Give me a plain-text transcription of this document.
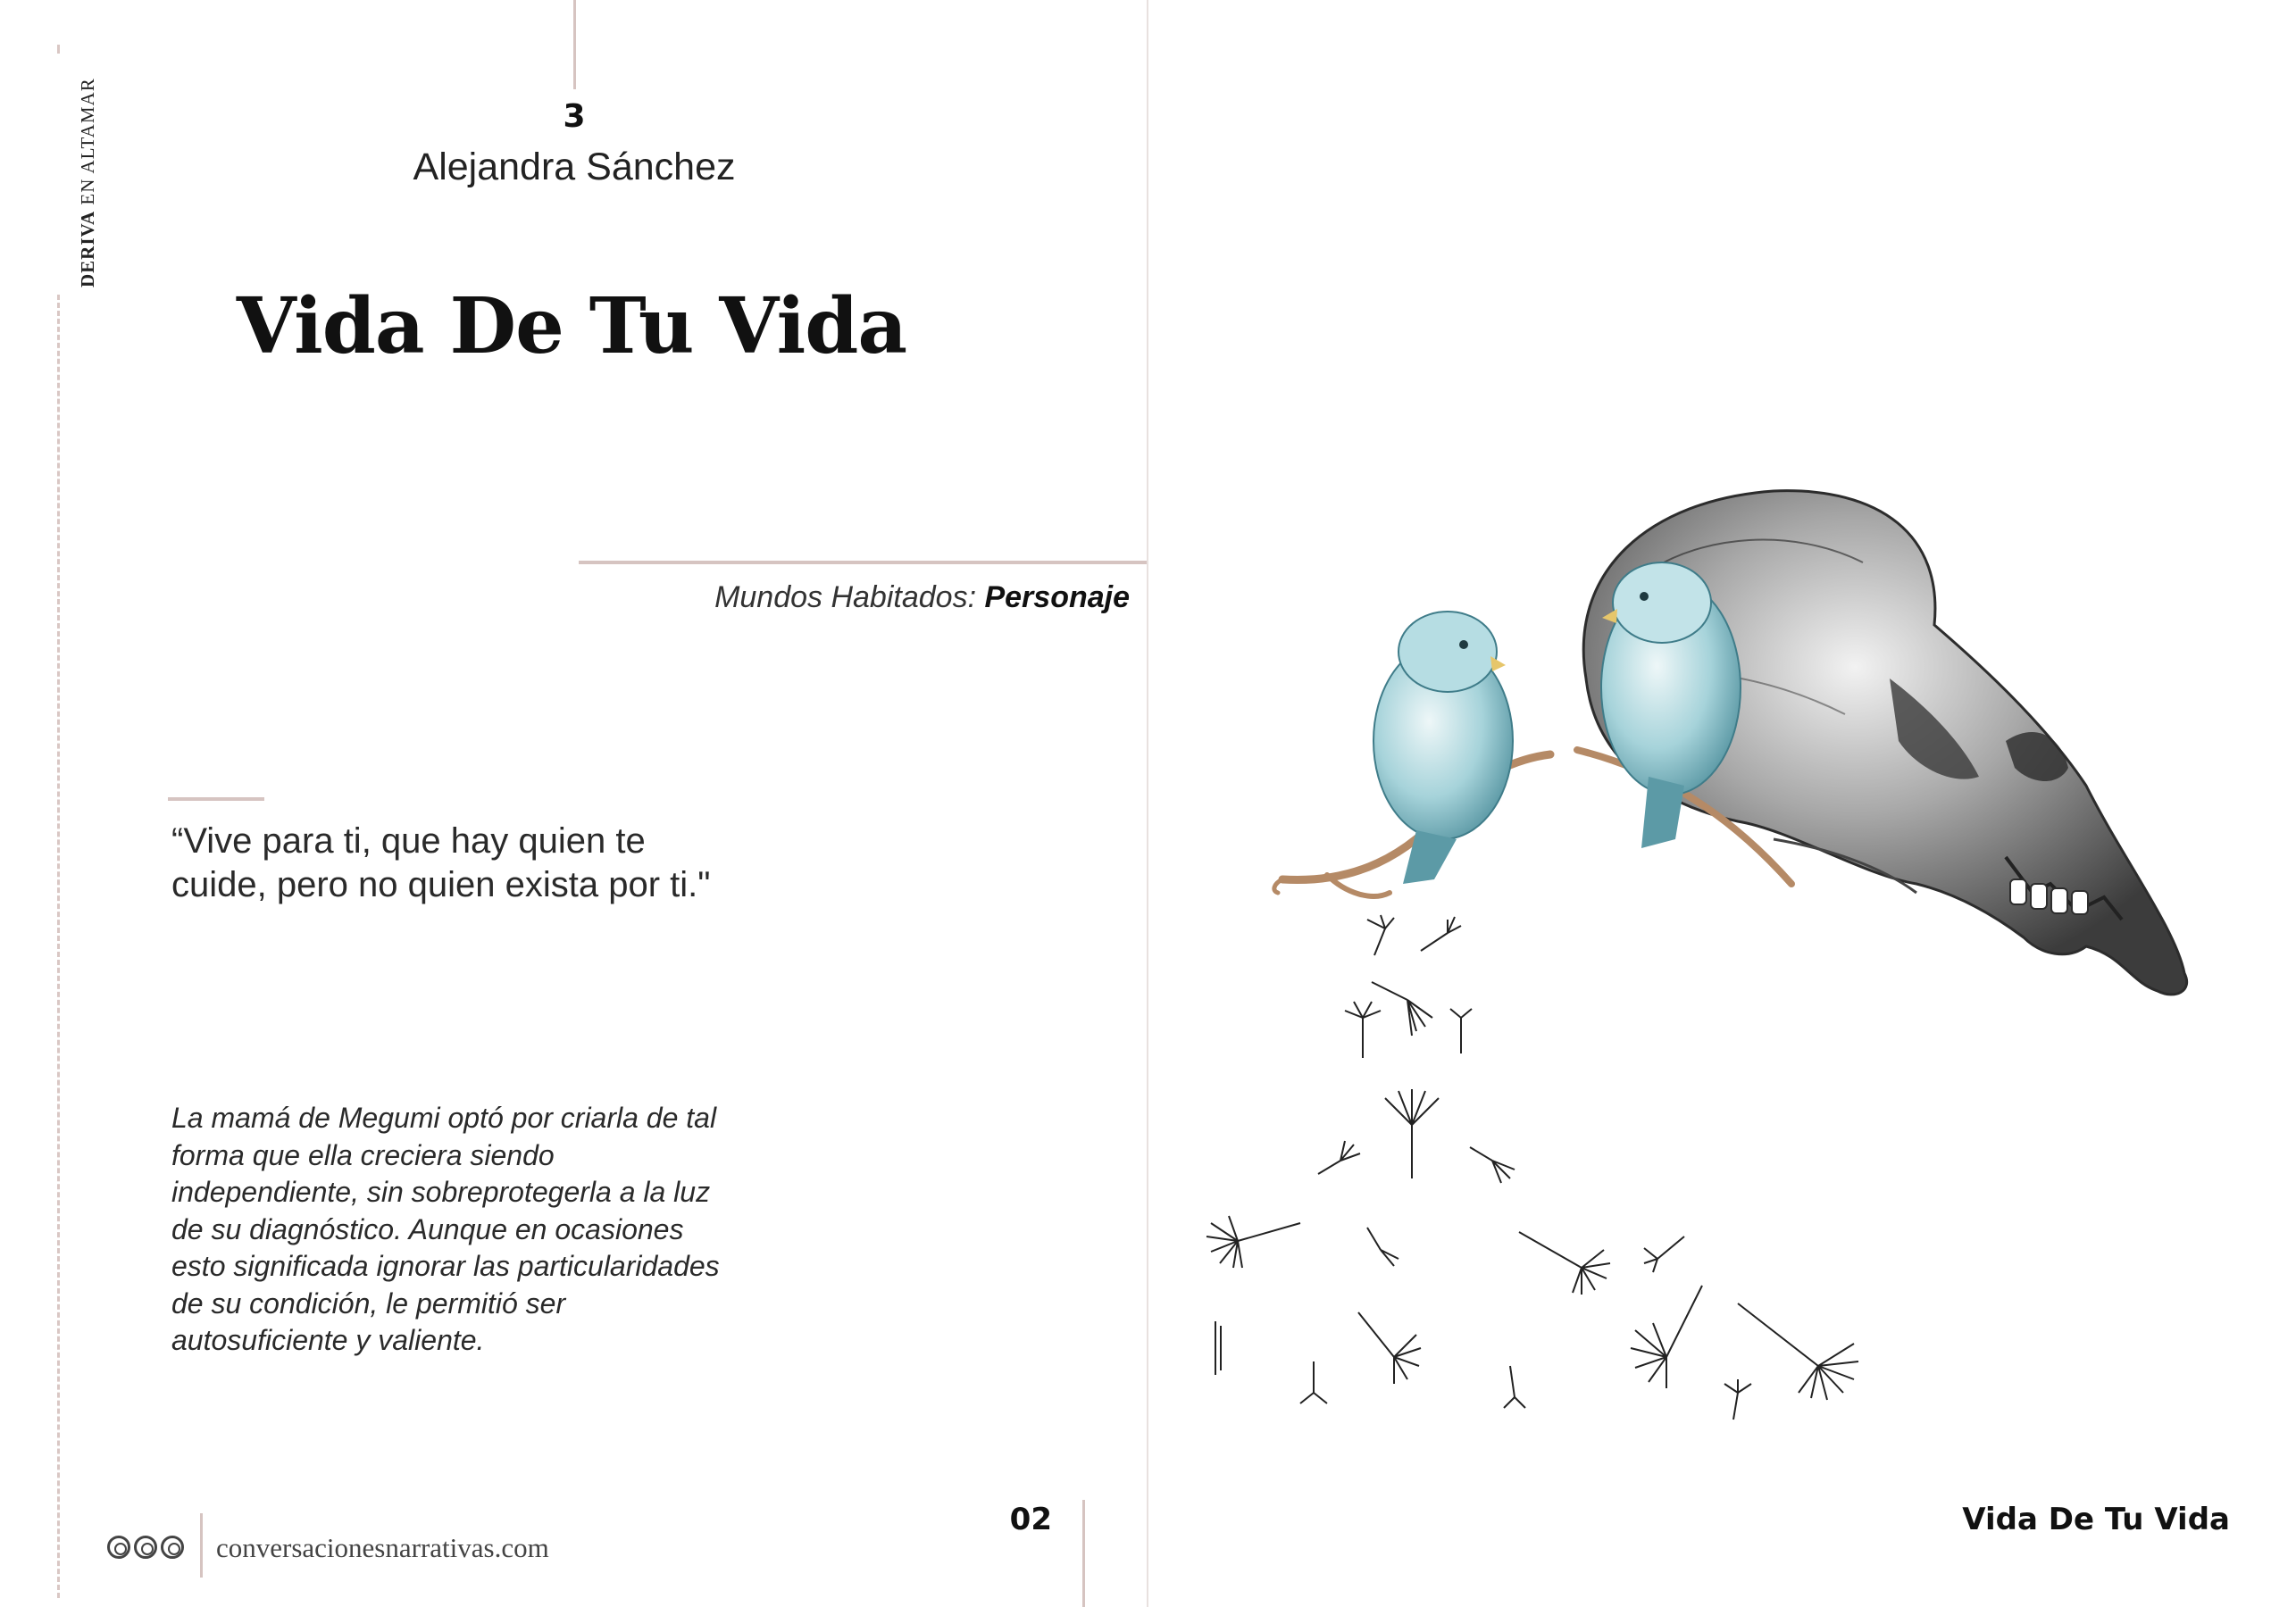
DERIVA EN ALTAMAR	3
Alejandra Sánchez
Vida De Tu Vida
Mundos Habitados: Personaje
“Vive para ti, que hay quien te cuide, pero no quien exista por ti."
La mamá de Megumi optó por criarla de tal forma que ella creciera siendo independiente, sin sobreprotegerla a la luz de su diagnóstico. Aunque en ocasiones esto significada ignorar las particularidades de su condición, le permitió ser autosuficiente y valiente.
conversacionesnarrativas.com
02	Vida De Tu Vida
